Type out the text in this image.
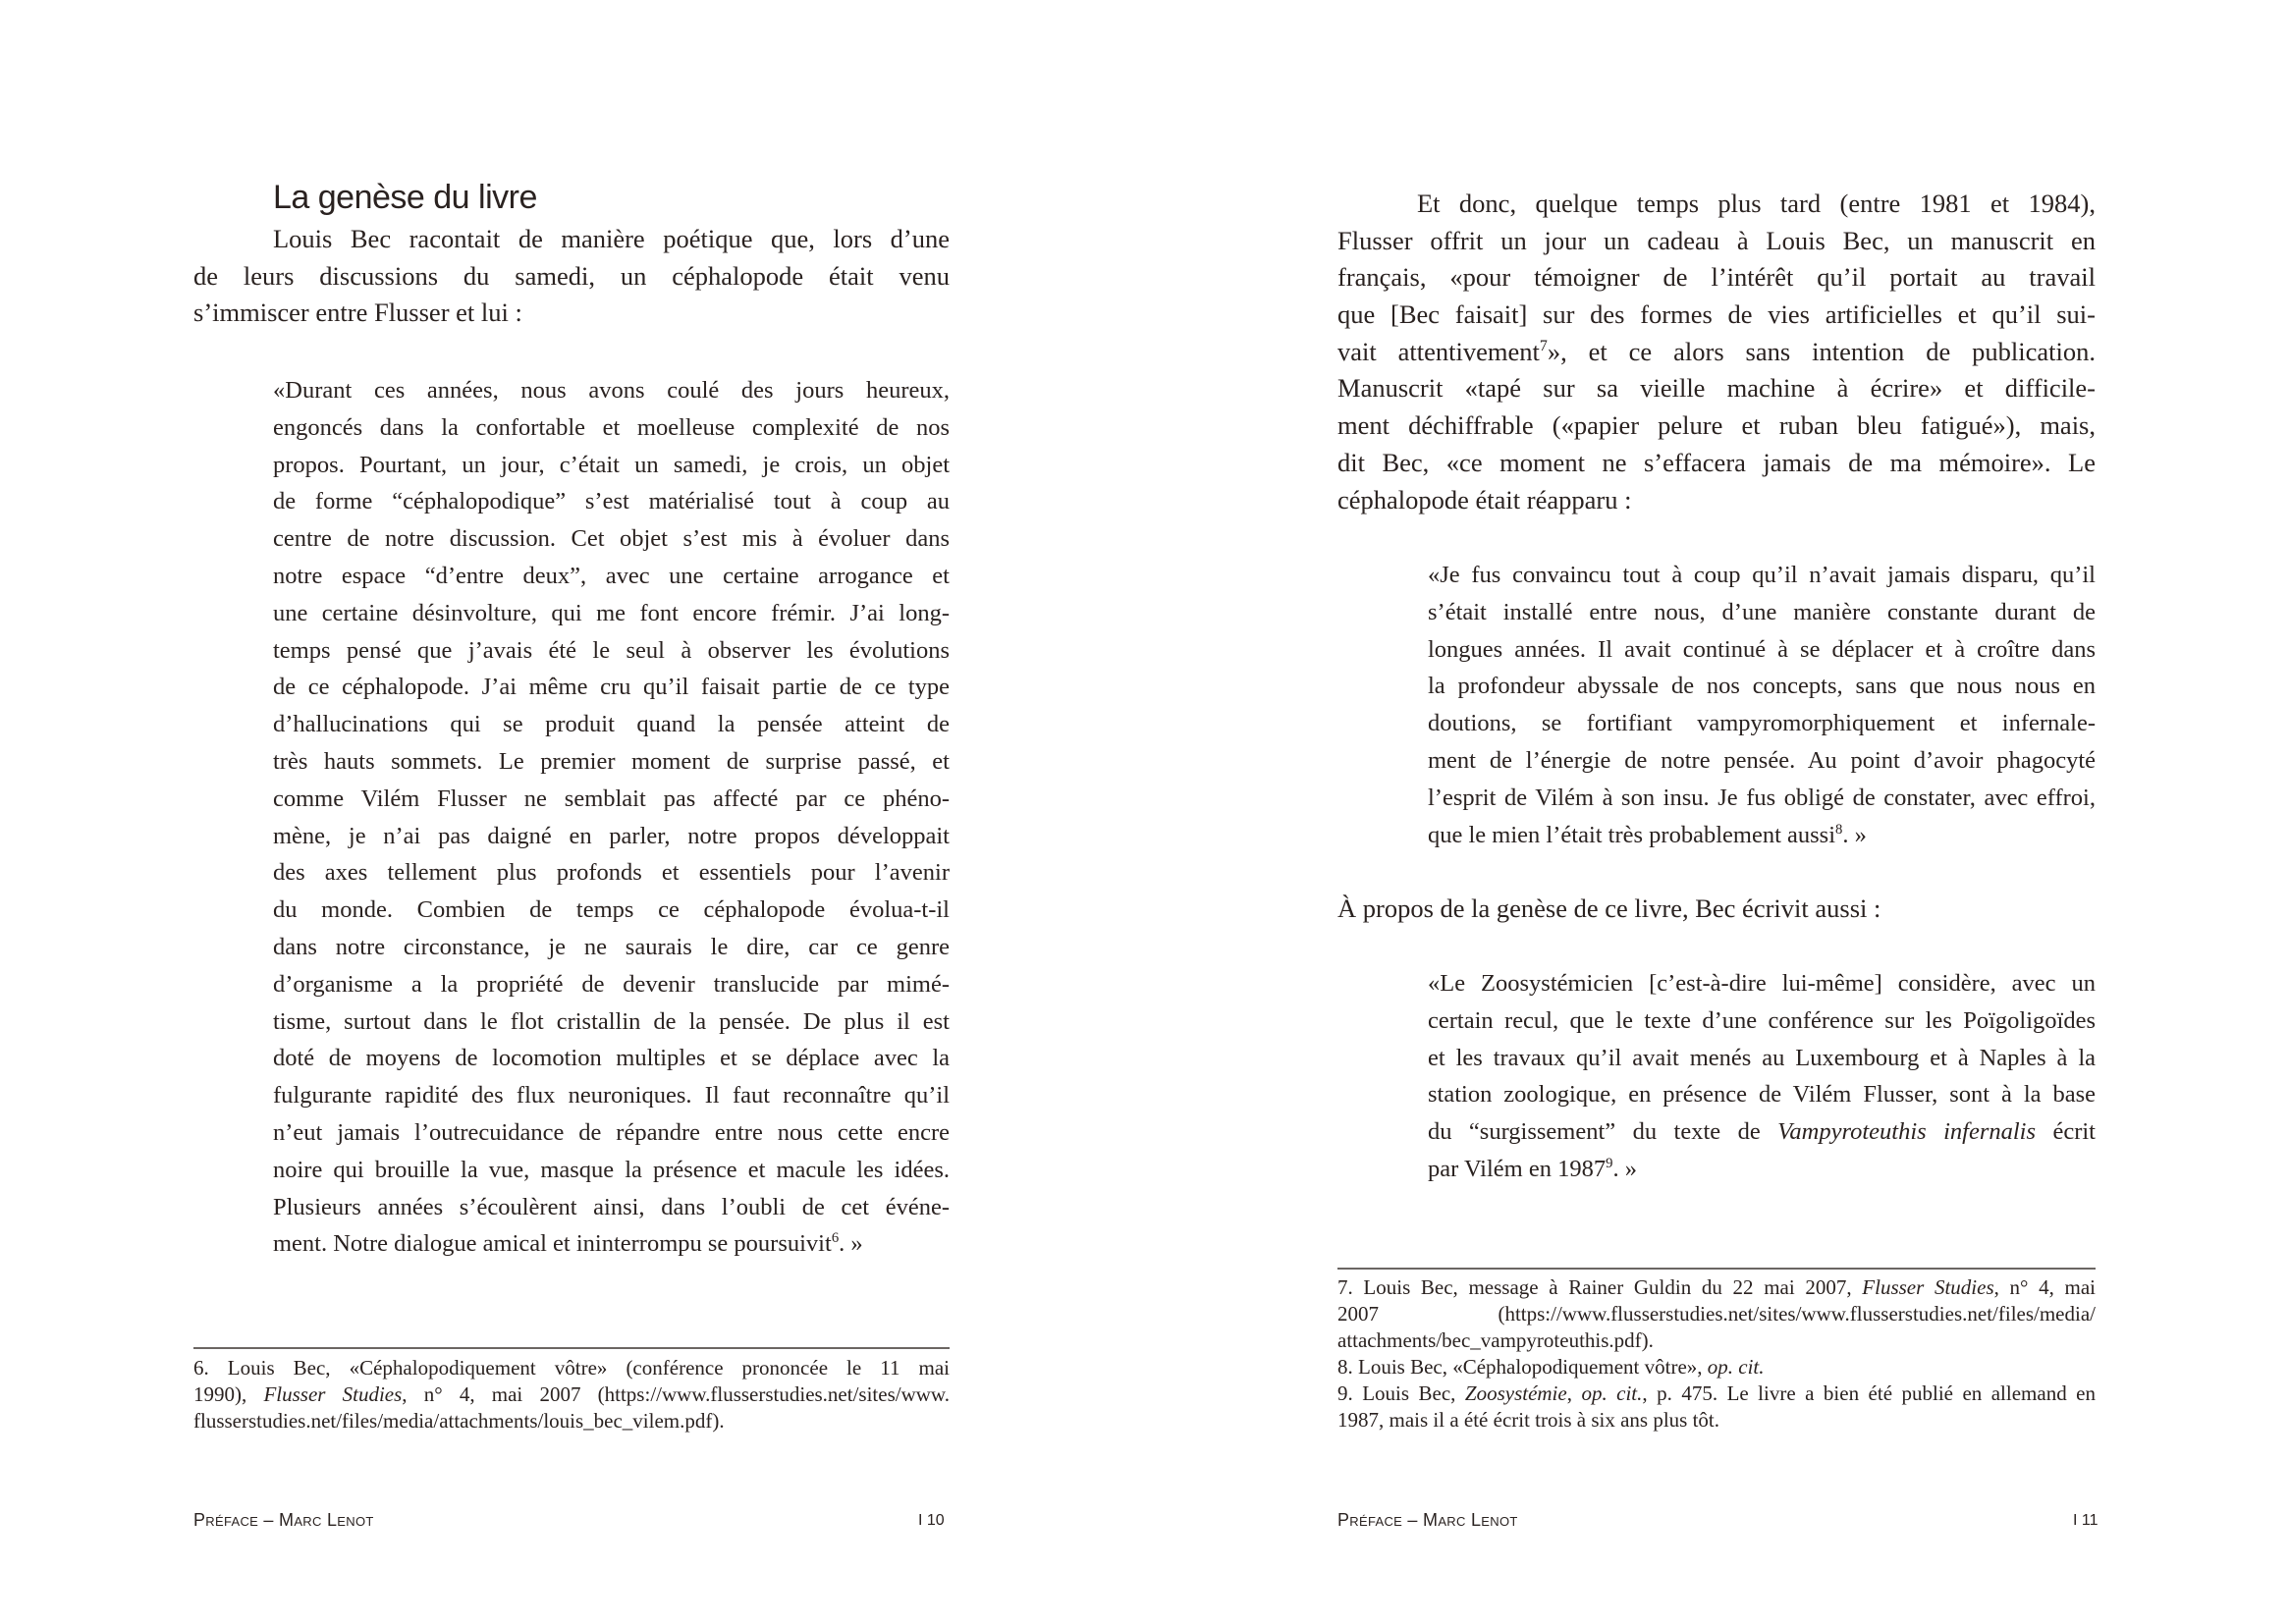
La genèse du livre
Louis Bec racontait de manière poétique que, lors d’une
de leurs discussions du samedi, un céphalopode était venu
s’immiscer entre Flusser et lui :
«Durant ces années, nous avons coulé des jours heureux,
engoncés dans la confortable et moelleuse complexité de nos
propos. Pourtant, un jour, c’était un samedi, je crois, un objet
de forme “céphalopodique” s’est matérialisé tout à coup au
centre de notre discussion. Cet objet s’est mis à évoluer dans
notre espace “d’entre deux”, avec une certaine arrogance et
une certaine désinvolture, qui me font encore frémir. J’ai long-
temps pensé que j’avais été le seul à observer les évolutions
de ce céphalopode. J’ai même cru qu’il faisait partie de ce type
d’hallucinations qui se produit quand la pensée atteint de
très hauts sommets. Le premier moment de surprise passé, et
comme Vilém Flusser ne semblait pas affecté par ce phéno-
mène, je n’ai pas daigné en parler, notre propos développait
des axes tellement plus profonds et essentiels pour l’avenir
du monde. Combien de temps ce céphalopode évolua-t-il
dans notre circonstance, je ne saurais le dire, car ce genre
d’organisme a la propriété de devenir translucide par mimé-
tisme, surtout dans le flot cristallin de la pensée. De plus il est
doté de moyens de locomotion multiples et se déplace avec la
fulgurante rapidité des flux neuroniques. Il faut reconnaître qu’il
n’eut jamais l’outrecuidance de répandre entre nous cette encre
noire qui brouille la vue, masque la présence et macule les idées.
Plusieurs années s’écoulèrent ainsi, dans l’oubli de cet événe-
ment. Notre dialogue amical et ininterrompu se poursuivit$^6$. »
6. Louis Bec, «Céphalopodiquement vôtre» (conférence prononcée le 11 mai
1990), Flusser Studies, n° 4, mai 2007 (https://www.flusserstudies.net/sites/www.
flusserstudies.net/files/media/attachments/louis_bec_vilem.pdf).
Préface – Marc Lenot	I 10
Et donc, quelque temps plus tard (entre 1981 et 1984),
Flusser offrit un jour un cadeau à Louis Bec, un manuscrit en
français, «pour témoigner de l’intérêt qu’il portait au travail
que [Bec faisait] sur des formes de vies artificielles et qu’il sui-
vait attentivement$^7$», et ce alors sans intention de publication.
Manuscrit «tapé sur sa vieille machine à écrire» et difficile-
ment déchiffrable («papier pelure et ruban bleu fatigué»), mais,
dit Bec, «ce moment ne s’effacera jamais de ma mémoire». Le
céphalopode était réapparu :
«Je fus convaincu tout à coup qu’il n’avait jamais disparu, qu’il
s’était installé entre nous, d’une manière constante durant de
longues années. Il avait continué à se déplacer et à croître dans
la profondeur abyssale de nos concepts, sans que nous nous en
doutions, se fortifiant vampyromorphiquement et infernale-
ment de l’énergie de notre pensée. Au point d’avoir phagocyté
l’esprit de Vilém à son insu. Je fus obligé de constater, avec effroi,
que le mien l’était très probablement aussi$^8$. »
À propos de la genèse de ce livre, Bec écrivit aussi :
«Le Zoosystémicien [c’est-à-dire lui-même] considère, avec un
certain recul, que le texte d’une conférence sur les Poïgoligoïdes
et les travaux qu’il avait menés au Luxembourg et à Naples à la
station zoologique, en présence de Vilém Flusser, sont à la base
du “surgissement” du texte de Vampyroteuthis infernalis écrit
par Vilém en 1987$^9$. »
7. Louis Bec, message à Rainer Guldin du 22 mai 2007, Flusser Studies, n° 4, mai
2007 (https://www.flusserstudies.net/sites/www.flusserstudies.net/files/media/
attachments/bec_vampyroteuthis.pdf).
8. Louis Bec, «Céphalopodiquement vôtre», op. cit.
9. Louis Bec, Zoosystémie, op. cit., p. 475. Le livre a bien été publié en allemand en
1987, mais il a été écrit trois à six ans plus tôt.
Préface – Marc Lenot	I 11
